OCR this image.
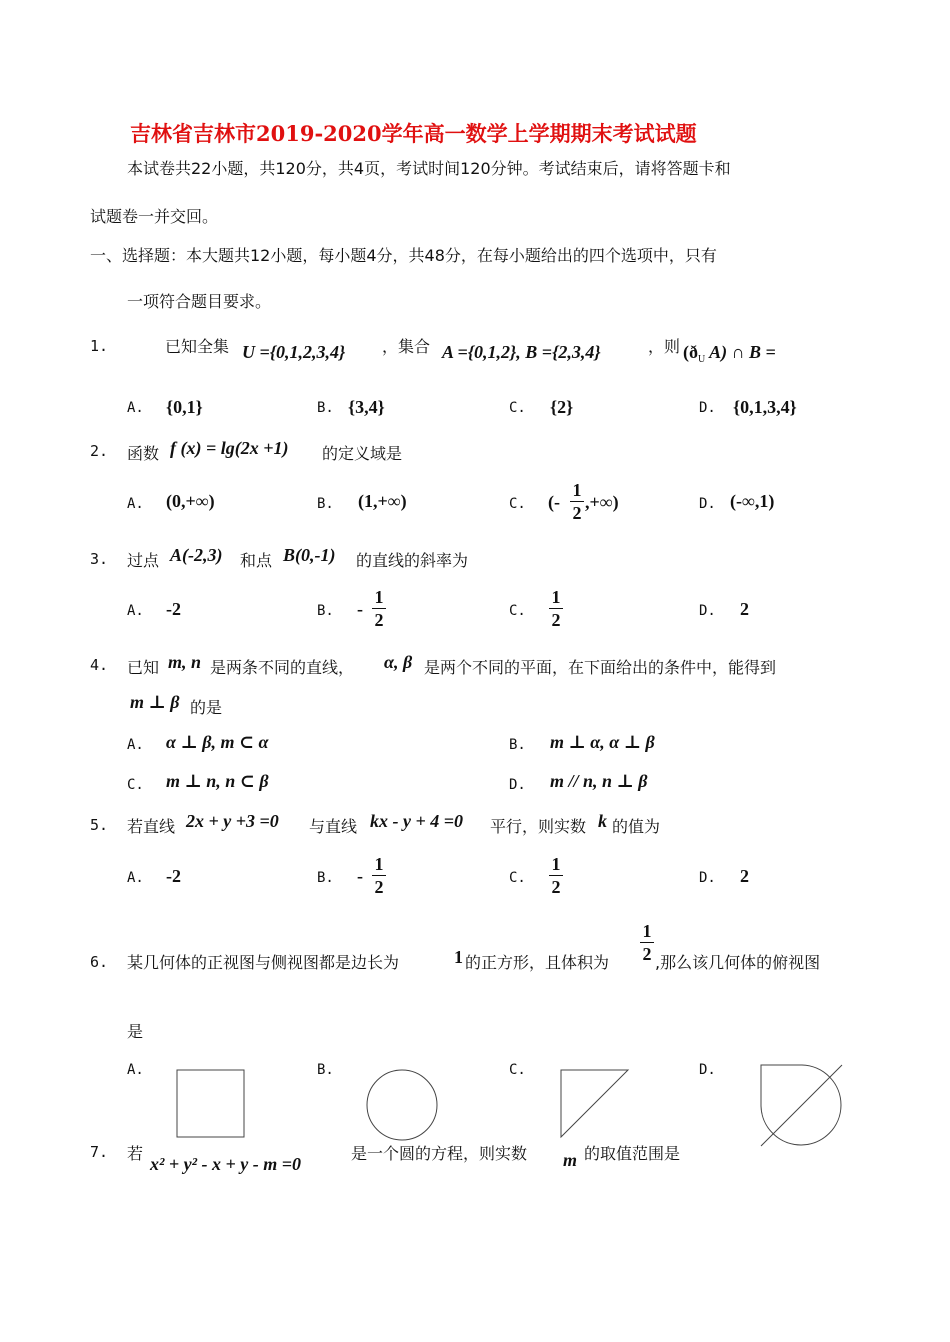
吉林省吉林市2019-2020学年高一数学上学期期末考试试题
本试卷共22小题，共120分，共4页，考试时间120分钟。考试结束后，请将答题卡和
试题卷一并交回。
一、选择题：本大题共12小题，每小题4分，共48分，在每小题给出的四个选项中，只有
一项符合题目要求。
1.	已知全集 U ={0,1,2,3,4} ，集合 A ={0,1,2}, B ={2,3,4}	，则 ($ð_U$ A) ∩ B =
A. {0,1}	B. {3,4}	C. {2}	D. {0,1,3,4}
2. 函数 f (x) = lg(2x +1) 的定义域是
A. (0,+∞)	B. (1,+∞)	C. (-
1
2
,+∞)	D. (-∞,1)
3. 过点 A(-2,3) 和点 B(0,-1) 的直线的斜率为
A. -2	B. -
1
2	C.
1
2	D. 2
4. 已知 m, n 是两条不同的直线， α, β 是两个不同的平面，在下面给出的条件中，能得到
m ⊥ β 的是
A. α ⊥ β, m ⊂ α	B. m ⊥ α, α ⊥ β
C. m ⊥ n, n ⊂ β	D. m // n, n ⊥ β
5. 若直线 2x + y +3 =0 与直线 kx - y + 4 =0 平行，则实数 k 的值为
A. -2	B. -
1
2	C.
1
2	D. 2
6. 某几何体的正视图与侧视图都是边长为	1 的正方形，且体积为
1
2 ,那么该几何体的俯视图
是
A.	B.	C.	D.
7. 若
x² + y² - x + y - m =0
是一个圆的方程，则实数 m 的取值范围是
